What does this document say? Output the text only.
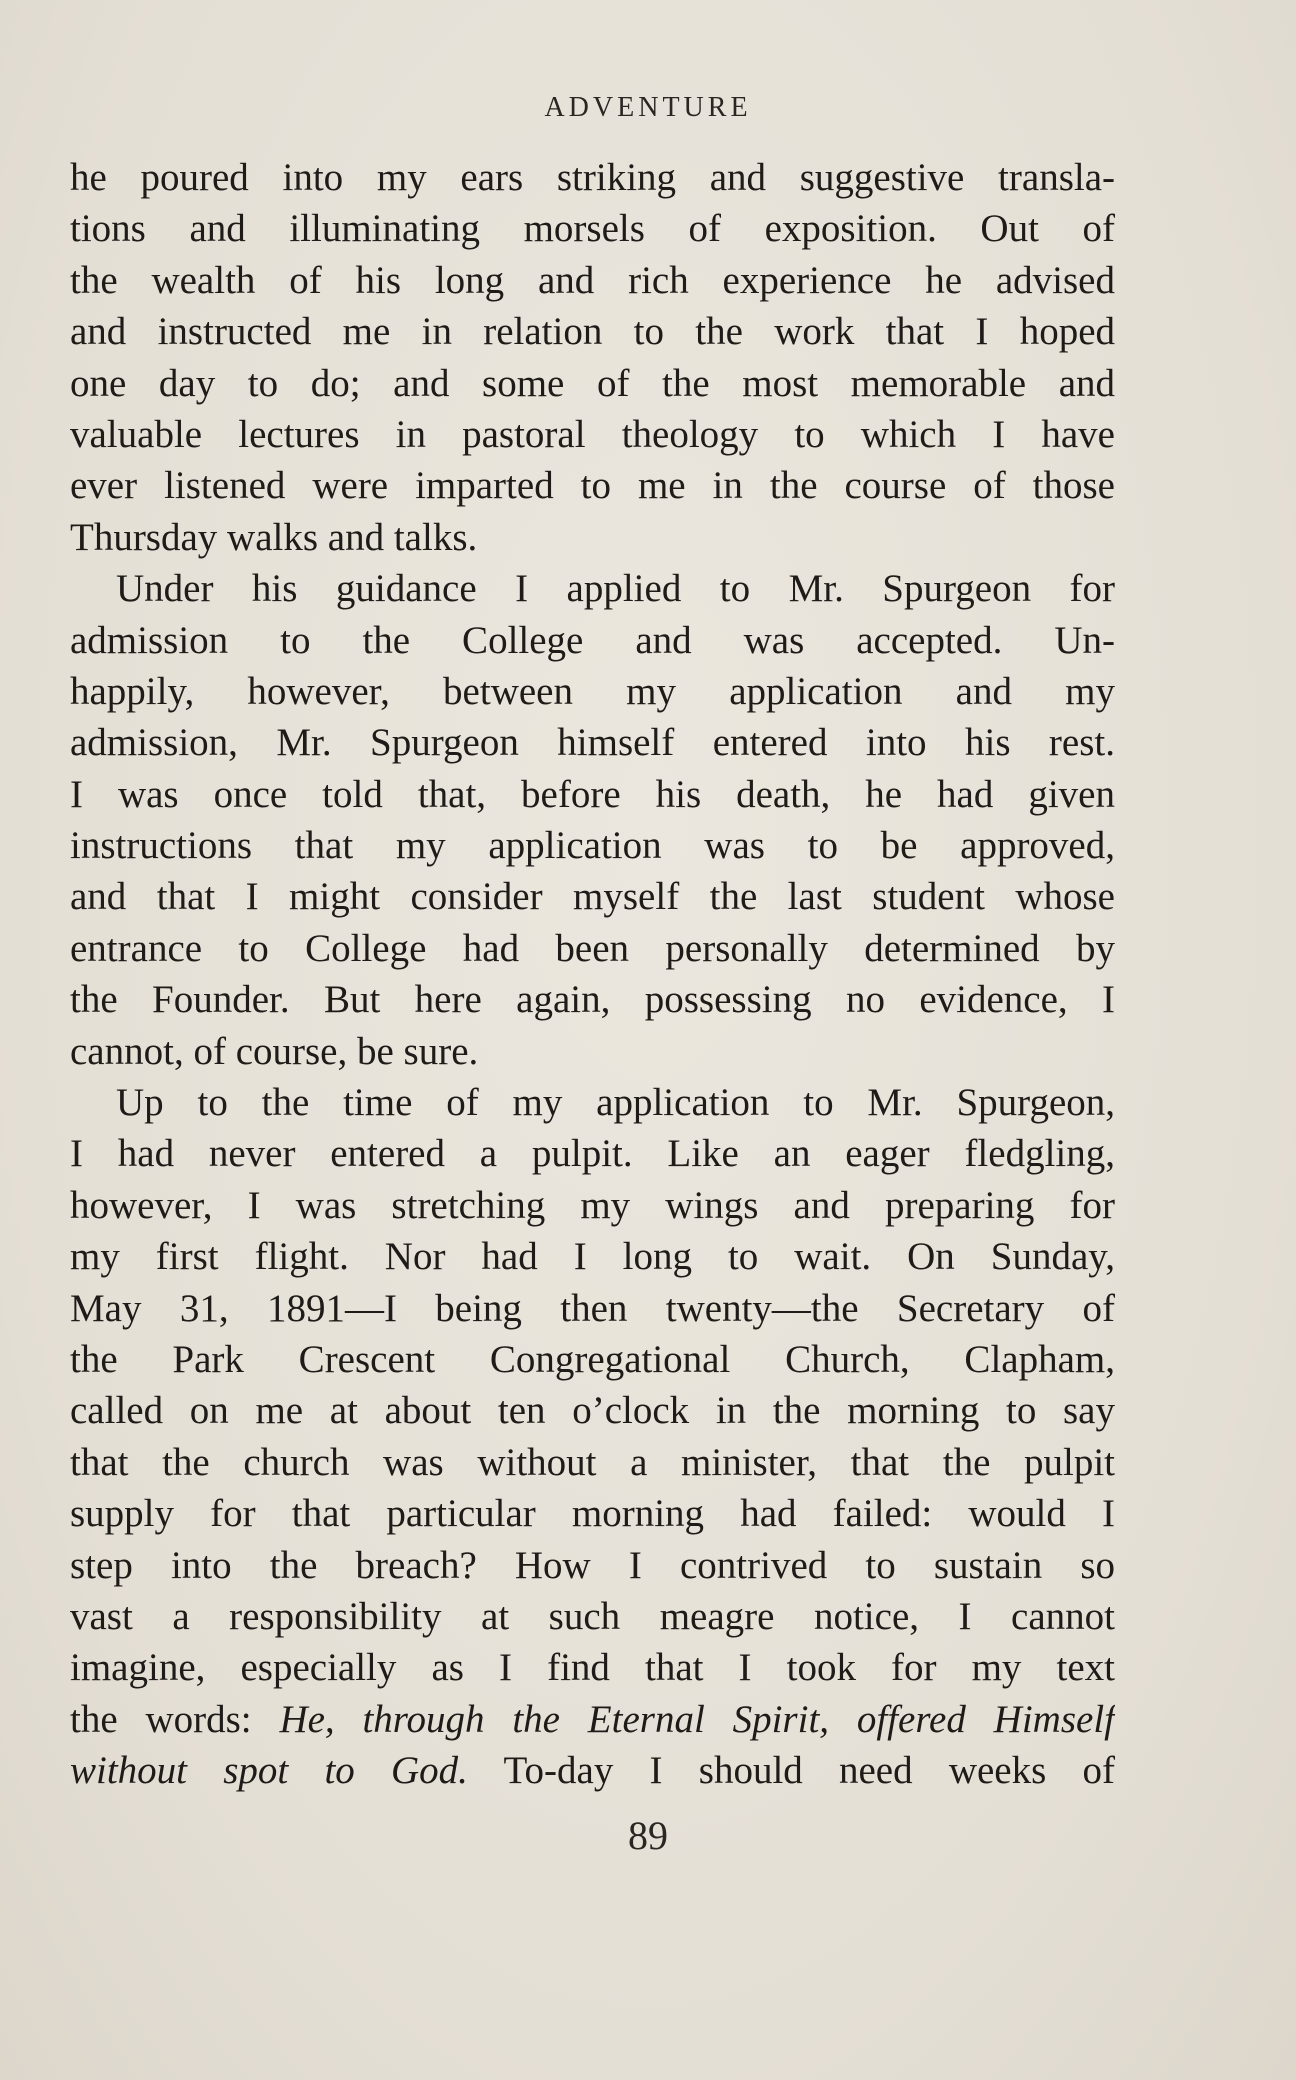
ADVENTURE
he poured into my ears striking and suggestive transla-
tions and illuminating morsels of exposition. Out of
the wealth of his long and rich experience he advised
and instructed me in relation to the work that I hoped
one day to do; and some of the most memorable and
valuable lectures in pastoral theology to which I have
ever listened were imparted to me in the course of those
Thursday walks and talks.
Under his guidance I applied to Mr. Spurgeon for
admission to the College and was accepted. Un-
happily, however, between my application and my
admission, Mr. Spurgeon himself entered into his rest.
I was once told that, before his death, he had given
instructions that my application was to be approved,
and that I might consider myself the last student whose
entrance to College had been personally determined by
the Founder. But here again, possessing no evidence, I
cannot, of course, be sure.
Up to the time of my application to Mr. Spurgeon,
I had never entered a pulpit. Like an eager fledgling,
however, I was stretching my wings and preparing for
my first flight. Nor had I long to wait. On Sunday,
May 31, 1891—I being then twenty—the Secretary of
the Park Crescent Congregational Church, Clapham,
called on me at about ten o’clock in the morning to say
that the church was without a minister, that the pulpit
supply for that particular morning had failed: would I
step into the breach? How I contrived to sustain so
vast a responsibility at such meagre notice, I cannot
imagine, especially as I find that I took for my text
the words: He, through the Eternal Spirit, offered Himself
without spot to God. To-day I should need weeks of
89
